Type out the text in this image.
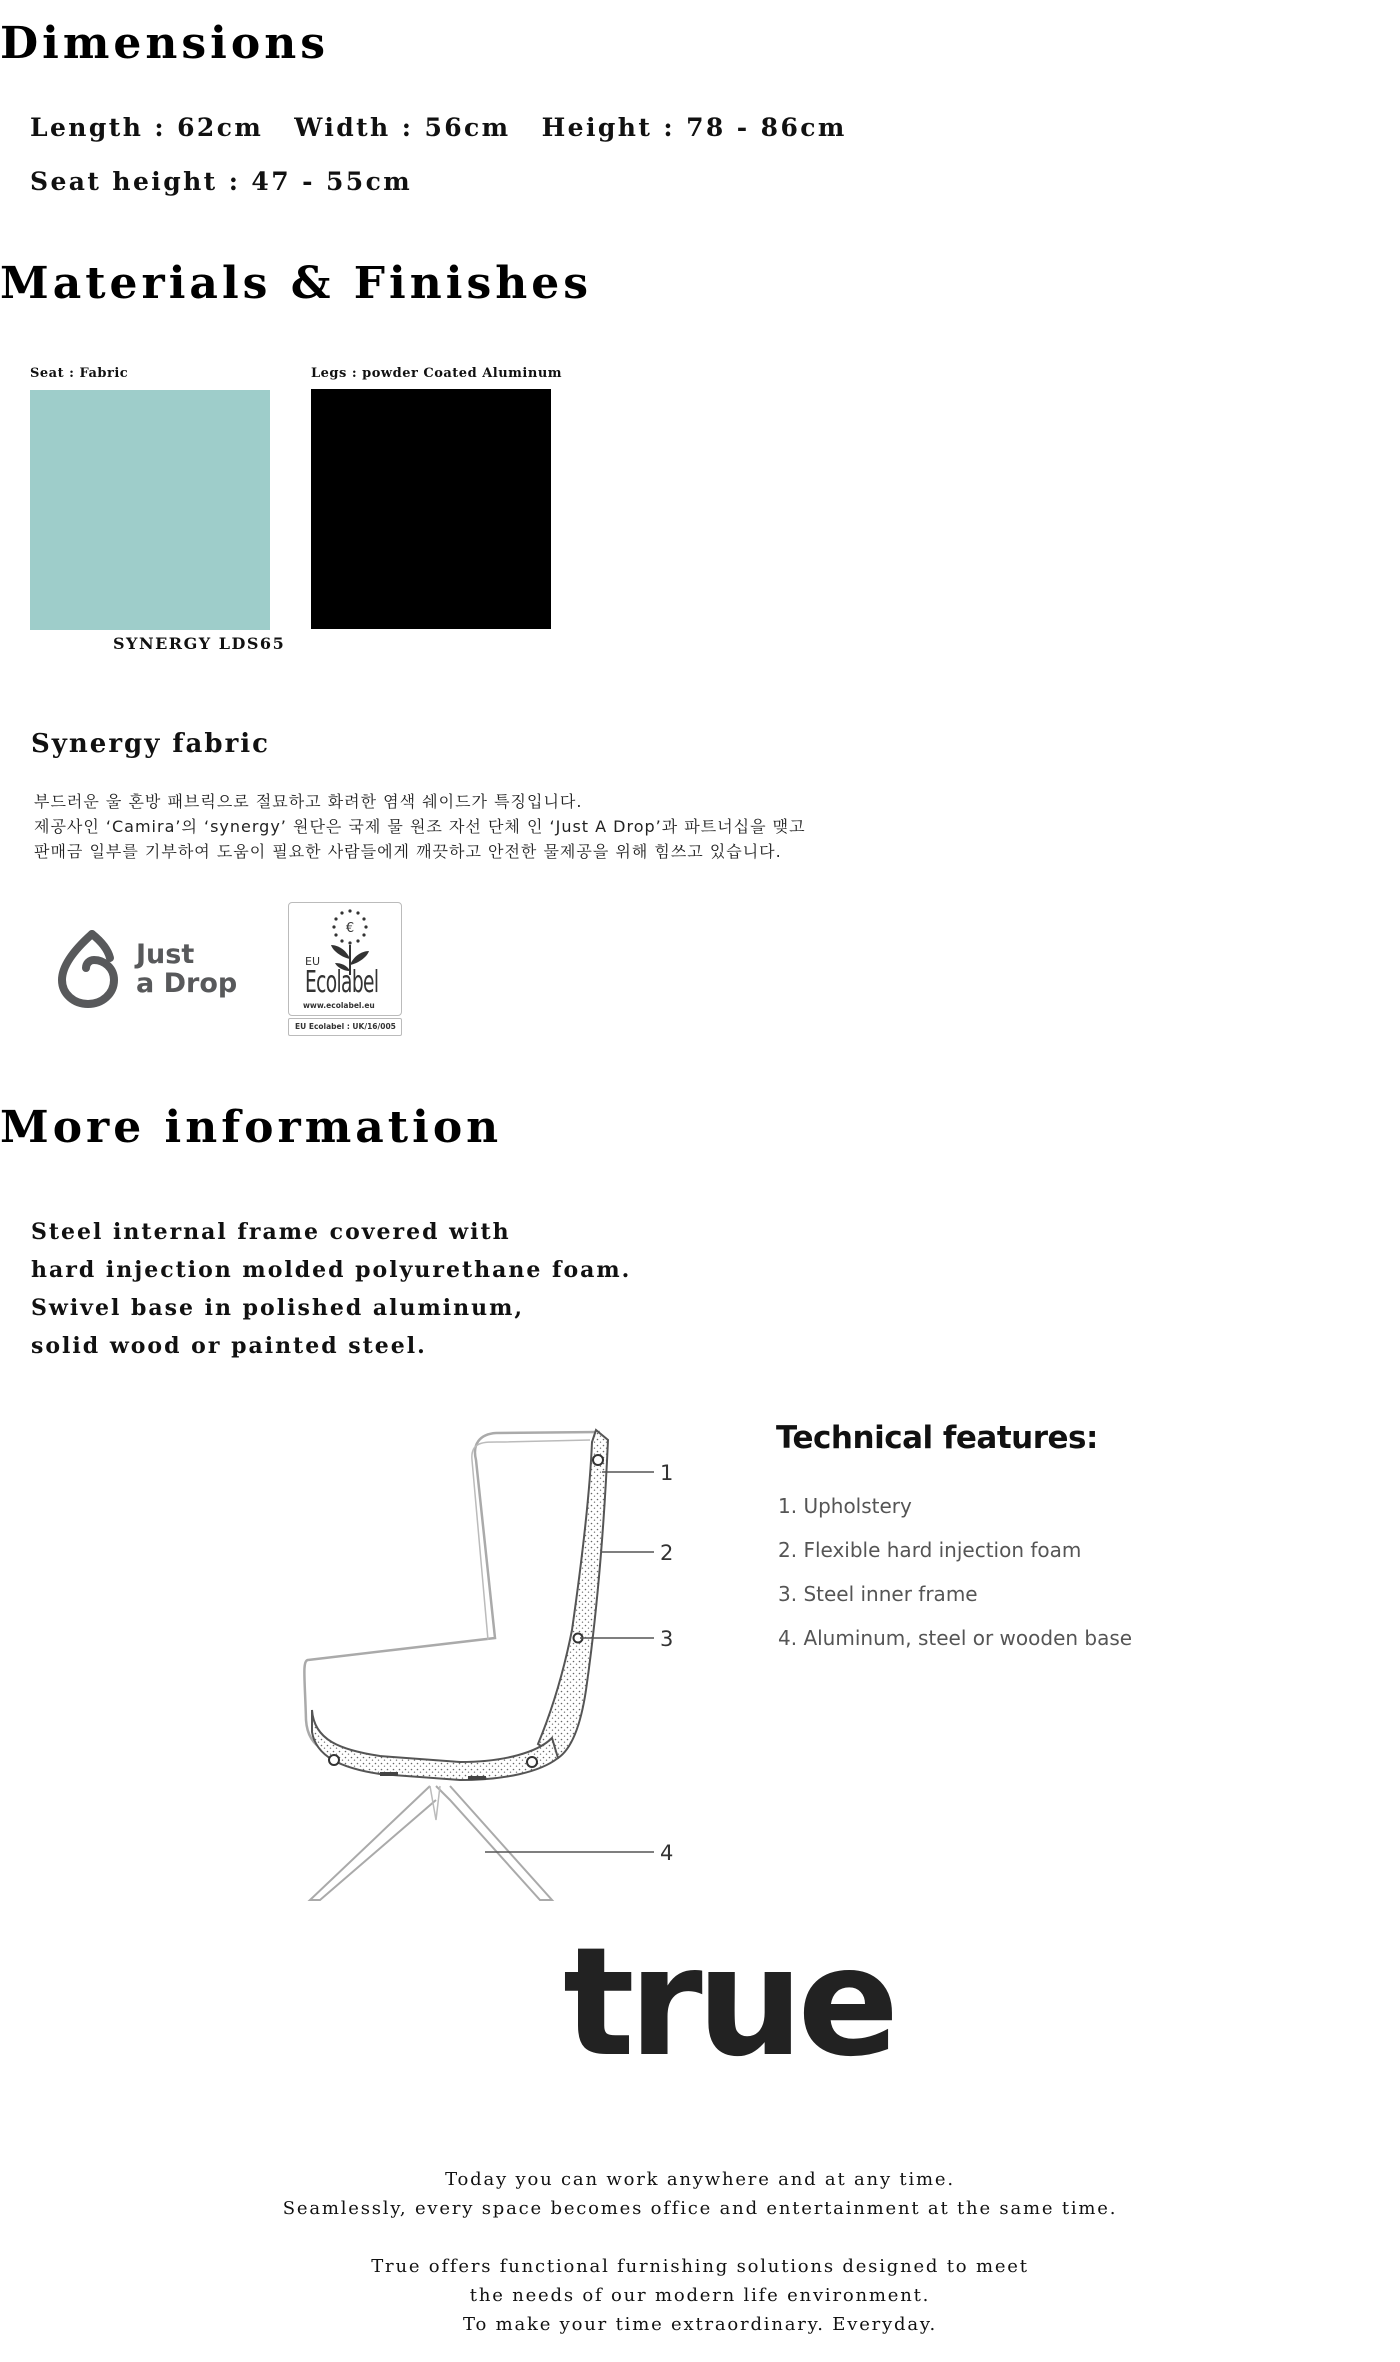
Dimensions
Length : 62cm Width : 56cm Height : 78 - 86cm
Seat height : 47 - 55cm
Materials & Finishes
Seat : Fabric
SYNERGY LDS65
Legs : powder Coated Aluminum
Synergy fabric
부드러운 울 혼방 패브릭으로 절묘하고 화려한 염색 쉐이드가 특징입니다.
제공사인 ‘Camira’의 ‘synergy’ 원단은 국제 물 원조 자선 단체 인 ‘Just A Drop’과 파트너십을 맺고
판매금 일부를 기부하여 도움이 필요한 사람들에게 깨끗하고 안전한 물제공을 위해 힘쓰고 있습니다.
Just
a Drop
€
EU
Ecolabel
www.ecolabel.eu
EU Ecolabel : UK/16/005
More information
Steel internal frame covered with
hard injection molded polyurethane foam.
Swivel base in polished aluminum,
solid wood or painted steel.
1
2
3
4
Technical features:
1. Upholstery
2. Flexible hard injection foam
3. Steel inner frame
4. Aluminum, steel or wooden base
true
Today you can work anywhere and at any time.
Seamlessly, every space becomes office and entertainment at the same time.
True offers functional furnishing solutions designed to meet
the needs of our modern life environment.
To make your time extraordinary. Everyday.
